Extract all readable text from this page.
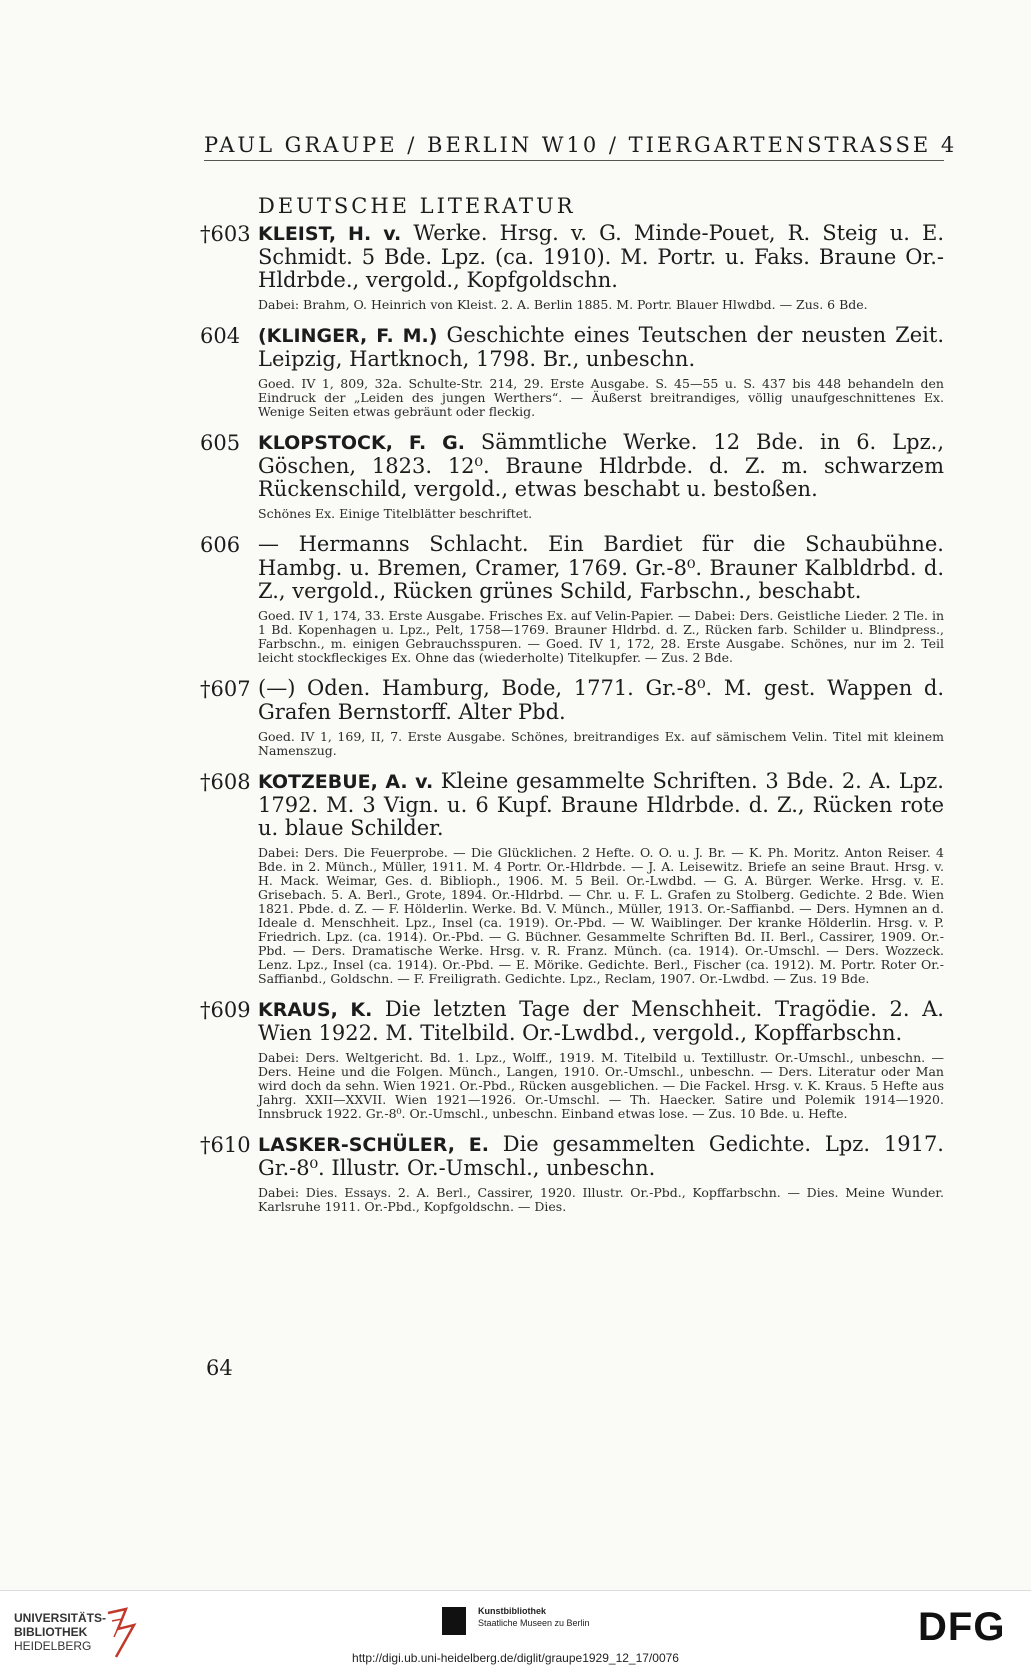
PAUL GRAUPE / BERLIN W10 / TIERGARTENSTRASSE 4
DEUTSCHE LITERATUR
†603 KLEIST, H. v. Werke. Hrsg. v. G. Minde-Pouet, R. Steig u. E. Schmidt. 5 Bde. Lpz. (ca. 1910). M. Portr. u. Faks. Braune Or.-Hldrbde., vergold., Kopfgoldschn.
Dabei: Brahm, O. Heinrich von Kleist. 2. A. Berlin 1885. M. Portr. Blauer Hlwdbd. — Zus. 6 Bde.
604 (KLINGER, F. M.) Geschichte eines Teutschen der neusten Zeit. Leipzig, Hartknoch, 1798. Br., unbeschn.
Goed. IV 1, 809, 32a. Schulte-Str. 214, 29. Erste Ausgabe. S. 45—55 u. S. 437 bis 448 behandeln den Eindruck der „Leiden des jungen Werthers“. — Äußerst breitrandiges, völlig unaufgeschnittenes Ex. Wenige Seiten etwas gebräunt oder fleckig.
605 KLOPSTOCK, F. G. Sämmtliche Werke. 12 Bde. in 6. Lpz., Göschen, 1823. 12⁰. Braune Hldrbde. d. Z. m. schwarzem Rückenschild, vergold., etwas beschabt u. bestoßen.
Schönes Ex. Einige Titelblätter beschriftet.
606 — Hermanns Schlacht. Ein Bardiet für die Schaubühne. Hambg. u. Bremen, Cramer, 1769. Gr.-8⁰. Brauner Kalbldrbd. d. Z., vergold., Rücken grünes Schild, Farbschn., beschabt.
Goed. IV 1, 174, 33. Erste Ausgabe. Frisches Ex. auf Velin-Papier. — Dabei: Ders. Geistliche Lieder. 2 Tle. in 1 Bd. Kopenhagen u. Lpz., Pelt, 1758—1769. Brauner Hldrbd. d. Z., Rücken farb. Schilder u. Blindpress., Farbschn., m. einigen Gebrauchsspuren. — Goed. IV 1, 172, 28. Erste Ausgabe. Schönes, nur im 2. Teil leicht stockfleckiges Ex. Ohne das (wiederholte) Titelkupfer. — Zus. 2 Bde.
†607 (—) Oden. Hamburg, Bode, 1771. Gr.-8⁰. M. gest. Wappen d. Grafen Bernstorff. Alter Pbd.
Goed. IV 1, 169, II, 7. Erste Ausgabe. Schönes, breitrandiges Ex. auf sämischem Velin. Titel mit kleinem Namenszug.
†608 KOTZEBUE, A. v. Kleine gesammelte Schriften. 3 Bde. 2. A. Lpz. 1792. M. 3 Vign. u. 6 Kupf. Braune Hldrbde. d. Z., Rücken rote u. blaue Schilder.
Dabei: Ders. Die Feuerprobe. — Die Glücklichen. 2 Hefte. O. O. u. J. Br. — K. Ph. Moritz. Anton Reiser. 4 Bde. in 2. Münch., Müller, 1911. M. 4 Portr. Or.-Hldrbde. — J. A. Leisewitz. Briefe an seine Braut. Hrsg. v. H. Mack. Weimar, Ges. d. Biblioph., 1906. M. 5 Beil. Or.-Lwdbd. — G. A. Bürger. Werke. Hrsg. v. E. Grisebach. 5. A. Berl., Grote, 1894. Or.-Hldrbd. — Chr. u. F. L. Grafen zu Stolberg. Gedichte. 2 Bde. Wien 1821. Pbde. d. Z. — F. Hölderlin. Werke. Bd. V. Münch., Müller, 1913. Or.-Saffianbd. — Ders. Hymnen an d. Ideale d. Menschheit. Lpz., Insel (ca. 1919). Or.-Pbd. — W. Waiblinger. Der kranke Hölderlin. Hrsg. v. P. Friedrich. Lpz. (ca. 1914). Or.-Pbd. — G. Büchner. Gesammelte Schriften Bd. II. Berl., Cassirer, 1909. Or.-Pbd. — Ders. Dramatische Werke. Hrsg. v. R. Franz. Münch. (ca. 1914). Or.-Umschl. — Ders. Wozzeck. Lenz. Lpz., Insel (ca. 1914). Or.-Pbd. — E. Mörike. Gedichte. Berl., Fischer (ca. 1912). M. Portr. Roter Or.-Saffianbd., Goldschn. — F. Freiligrath. Gedichte. Lpz., Reclam, 1907. Or.-Lwdbd. — Zus. 19 Bde.
†609 KRAUS, K. Die letzten Tage der Menschheit. Tragödie. 2. A. Wien 1922. M. Titelbild. Or.-Lwdbd., vergold., Kopffarbschn.
Dabei: Ders. Weltgericht. Bd. 1. Lpz., Wolff., 1919. M. Titelbild u. Textillustr. Or.-Umschl., unbeschn. — Ders. Heine und die Folgen. Münch., Langen, 1910. Or.-Umschl., unbeschn. — Ders. Literatur oder Man wird doch da sehn. Wien 1921. Or.-Pbd., Rücken ausgeblichen. — Die Fackel. Hrsg. v. K. Kraus. 5 Hefte aus Jahrg. XXII—XXVII. Wien 1921—1926. Or.-Umschl. — Th. Haecker. Satire und Polemik 1914—1920. Innsbruck 1922. Gr.-8⁰. Or.-Umschl., unbeschn. Einband etwas lose. — Zus. 10 Bde. u. Hefte.
†610 LASKER-SCHÜLER, E. Die gesammelten Gedichte. Lpz. 1917. Gr.-8⁰. Illustr. Or.-Umschl., unbeschn.
Dabei: Dies. Essays. 2. A. Berl., Cassirer, 1920. Illustr. Or.-Pbd., Kopffarbschn. — Dies. Meine Wunder. Karlsruhe 1911. Or.-Pbd., Kopfgoldschn. — Dies.
64
UNIVERSITÄTS-
BIBLIOTHEK
HEIDELBERG
Kunstbibliothek
Staatliche Museen zu Berlin	DFG
http://digi.ub.uni-heidelberg.de/diglit/graupe1929_12_17/0076
